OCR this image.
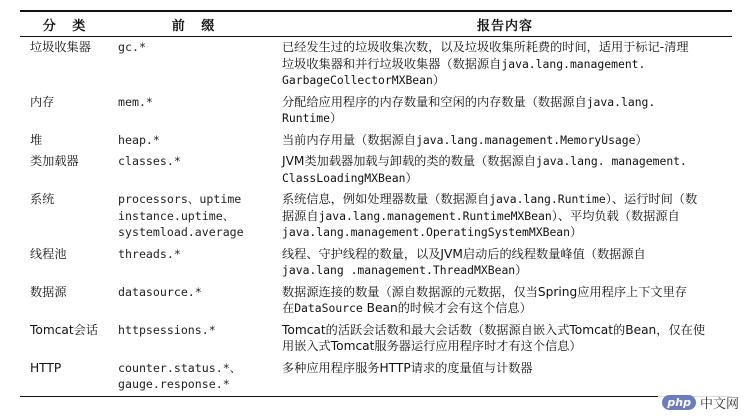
分 类	前 缀	报告内容
垃圾收集器	gc.*	已经发生过的垃圾收集次数，以及垃圾收集所耗费的时间，适用于标记-清理
垃圾收集器和并行垃圾收集器（数据源自java.lang.management.
GarbageCollectorMXBean）

内存	mem.*	分配给应用程序的内存数量和空闲的内存数量（数据源自java.lang.
Runtime）

堆	heap.*	当前内存用量（数据源自java.lang.management.MemoryUsage）

类加载器	classes.*	JVM类加载器加载与卸载的类的数量（数据源自java.lang. management.
ClassLoadingMXBean）

系统	processors、uptime
instance.uptime、
systemload.average	系统信息，例如处理器数量（数据源自java.lang.Runtime）、运行时间（数
据源自java.lang.management.RuntimeMXBean）、平均负载（数据源自
java.lang.management.OperatingSystemMXBean）

线程池	threads.*	线程、守护线程的数量，以及JVM启动后的线程数量峰值（数据源自
java.lang .management.ThreadMXBean）

数据源	datasource.*	数据源连接的数量（源自数据源的元数据，仅当Spring应用程序上下文里存
在DataSource Bean的时候才会有这个信息）

Tomcat会话	httpsessions.*	Tomcat的活跃会话数和最大会话数（数据源自嵌入式Tomcat的Bean，仅在使
用嵌入式Tomcat服务器运行应用程序时才有这个信息）

HTTP	counter.status.*、
gauge.response.*	多种应用程序服务HTTP请求的度量值与计数器
php 中文网
